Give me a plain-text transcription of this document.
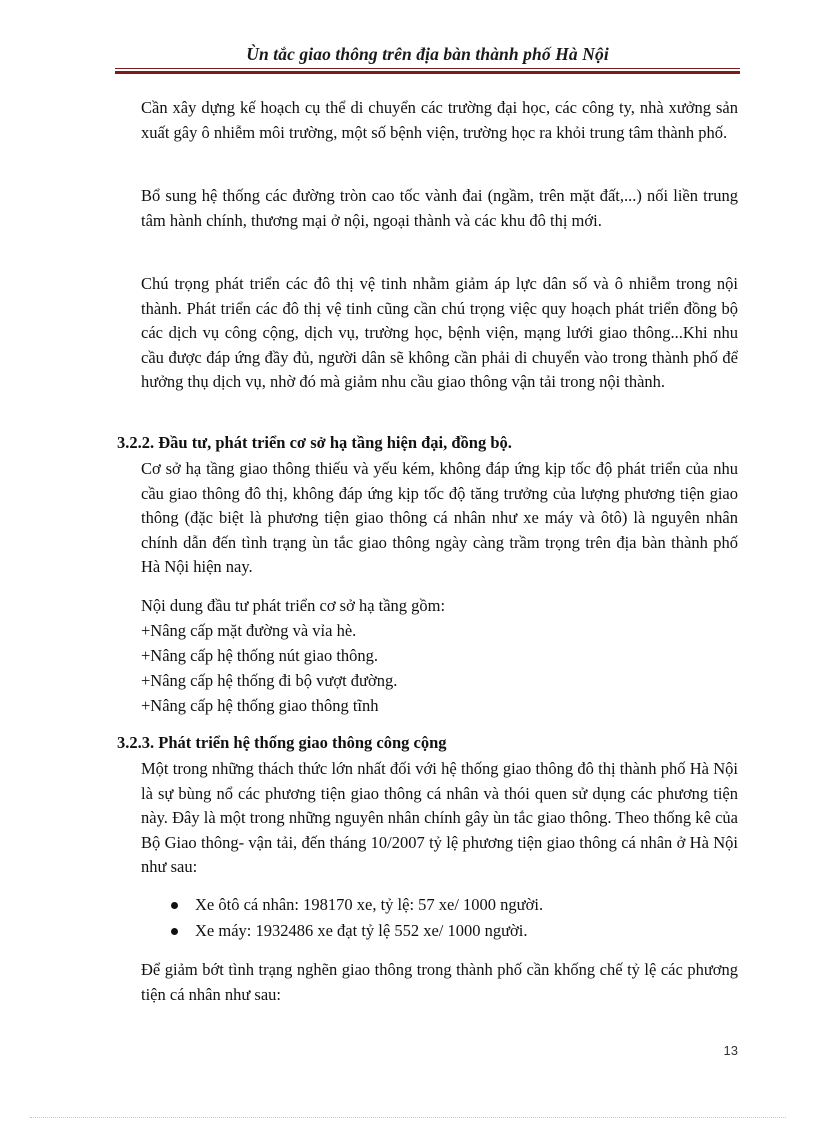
Ùn tắc giao thông trên địa bàn thành phố Hà Nội

Cần xây dựng kế hoạch cụ thể di chuyển các trường đại học, các công ty, nhà xưởng sản xuất gây ô nhiễm môi trường, một số bệnh viện, trường học ra khỏi trung tâm thành phố.

Bổ sung hệ thống các đường tròn cao tốc vành đai (ngầm, trên mặt đất,...) nối liền trung tâm hành chính, thương mại ở nội, ngoại thành và các khu đô thị mới.

Chú trọng phát triển các đô thị vệ tinh nhằm giảm áp lực dân số và ô nhiễm trong nội thành. Phát triển các đô thị vệ tinh cũng cần chú trọng việc quy hoạch phát triển đồng bộ các dịch vụ công cộng, dịch vụ, trường học, bệnh viện, mạng lưới giao thông...Khi nhu cầu được đáp ứng đầy đủ, người dân sẽ không cần phải di chuyển vào trong thành phố để hưởng thụ dịch vụ, nhờ đó mà giảm nhu cầu giao thông vận tải trong nội thành.

3.2.2. Đầu tư, phát triển cơ sở hạ tầng hiện đại, đồng bộ.

Cơ sở hạ tầng giao thông thiếu và yếu kém, không đáp ứng kịp tốc độ phát triển của nhu cầu giao thông đô thị, không đáp ứng kịp tốc độ tăng trưởng của lượng phương tiện giao thông (đặc biệt là phương tiện giao thông cá nhân như xe máy và ôtô) là nguyên nhân chính dẫn đến tình trạng ùn tắc giao thông ngày càng trầm trọng trên địa bàn thành phố Hà Nội hiện nay.

Nội dung đầu tư phát triển cơ sở hạ tầng gồm:

+Nâng cấp mặt đường và vỉa hè.

+Nâng cấp hệ thống nút giao thông.

+Nâng cấp hệ thống đi bộ vượt đường.

+Nâng cấp hệ thống giao thông tĩnh

3.2.3. Phát triển hệ thống giao thông công cộng

Một trong những thách thức lớn nhất đối với hệ thống giao thông đô thị thành phố Hà Nội là sự bùng nổ các phương tiện giao thông cá nhân và thói quen sử dụng các phương tiện này. Đây là một trong những nguyên nhân chính gây ùn tắc giao thông. Theo thống kê của Bộ Giao thông- vận tải, đến tháng 10/2007 tỷ lệ phương tiện giao thông cá nhân ở Hà Nội như sau:

Xe ôtô cá nhân: 198170 xe, tỷ lệ: 57 xe/ 1000 người.
Xe máy: 1932486 xe đạt tỷ lệ 552 xe/ 1000 người.

Để giảm bớt tình trạng nghẽn giao thông trong thành phố cần khống chế tỷ lệ các phương tiện cá nhân như sau:

13
